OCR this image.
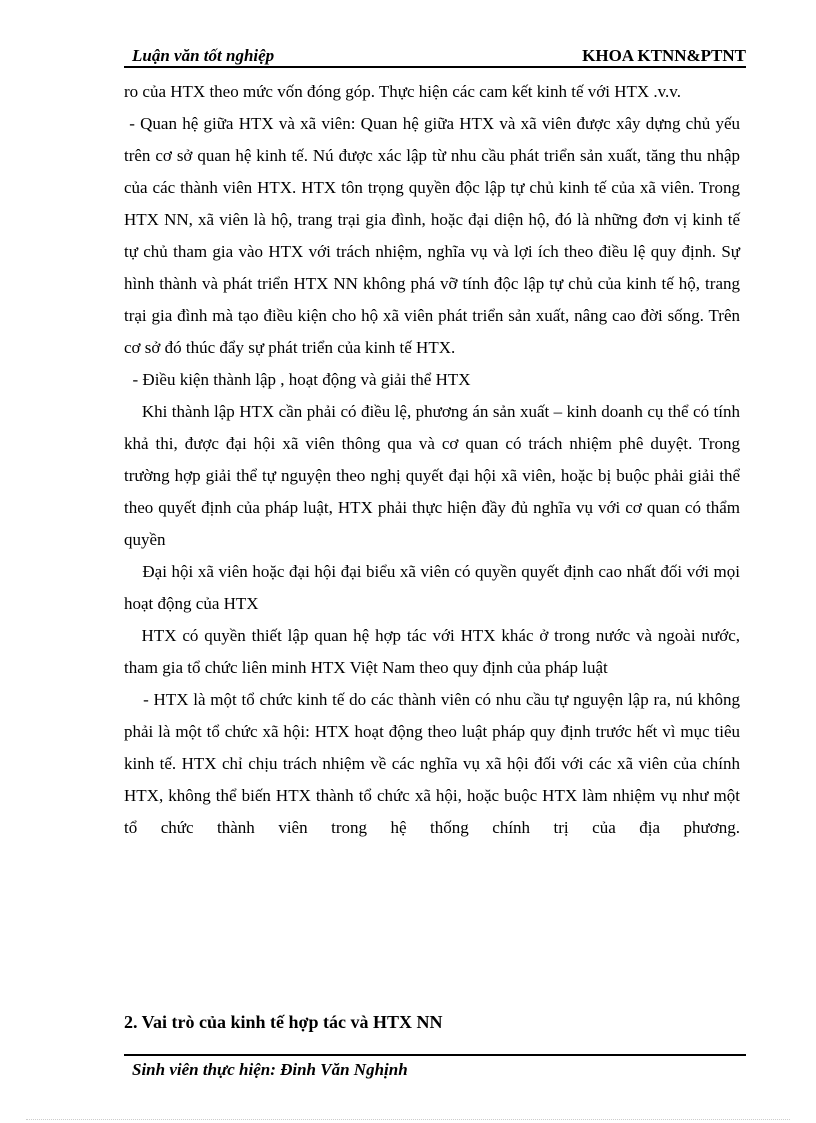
Luận văn tốt nghiệp	KHOA KTNN&PTNT

ro của HTX theo mức vốn đóng góp. Thực hiện các cam kết kinh tế với HTX .v.v.

- Quan hệ giữa HTX và xã viên: Quan hệ giữa HTX và xã viên được xây dựng chủ yếu trên cơ sở quan hệ kinh tế. Nú được xác lập từ nhu cầu phát triển sản xuất, tăng thu nhập của các thành viên HTX. HTX tôn trọng quyền độc lập tự chủ kinh tế của xã viên. Trong HTX NN, xã viên là hộ, trang trại gia đình, hoặc đại diện hộ, đó là những đơn vị kinh tế tự chủ tham gia vào HTX với trách nhiệm, nghĩa vụ và lợi ích theo điều lệ quy định. Sự hình thành và phát triển HTX NN không phá vỡ tính độc lập tự chủ của kinh tế hộ, trang trại gia đình mà tạo điều kiện cho hộ xã viên phát triển sản xuất, nâng cao đời sống. Trên cơ sở đó thúc đẩy sự phát triển của kinh tế HTX.

- Điều kiện thành lập , hoạt động và giải thể HTX

Khi thành lập HTX cần phải có điều lệ, phương án sản xuất – kinh doanh cụ thể có tính khả thi, được đại hội xã viên thông qua và cơ quan có trách nhiệm phê duyệt. Trong trường hợp giải thể tự nguyện theo nghị quyết đại hội xã viên, hoặc bị buộc phải giải thể theo quyết định của pháp luật, HTX phải thực hiện đầy đủ nghĩa vụ với cơ quan có thẩm quyền

Đại hội xã viên hoặc đại hội đại biểu xã viên có quyền quyết định cao nhất đối với mọi hoạt động của HTX

HTX có quyền thiết lập quan hệ hợp tác với HTX khác ở trong nước và ngoài nước, tham gia tổ chức liên minh HTX Việt Nam theo quy định của pháp luật

- HTX là một tổ chức kinh tế do các thành viên có nhu cầu tự nguyện lập ra, nú không phải là một tổ chức xã hội: HTX hoạt động theo luật pháp quy định trước hết vì mục tiêu kinh tế. HTX chỉ chịu trách nhiệm về các nghĩa vụ xã hội đối với các xã viên của chính HTX, không thể biến HTX thành tổ chức xã hội, hoặc buộc HTX làm nhiệm vụ như một tổ chức thành viên trong hệ thống chính trị của địa phương.

2. Vai trò của kinh tế hợp tác và HTX NN
Sinh viên thực hiện: Đinh Văn Nghịnh
